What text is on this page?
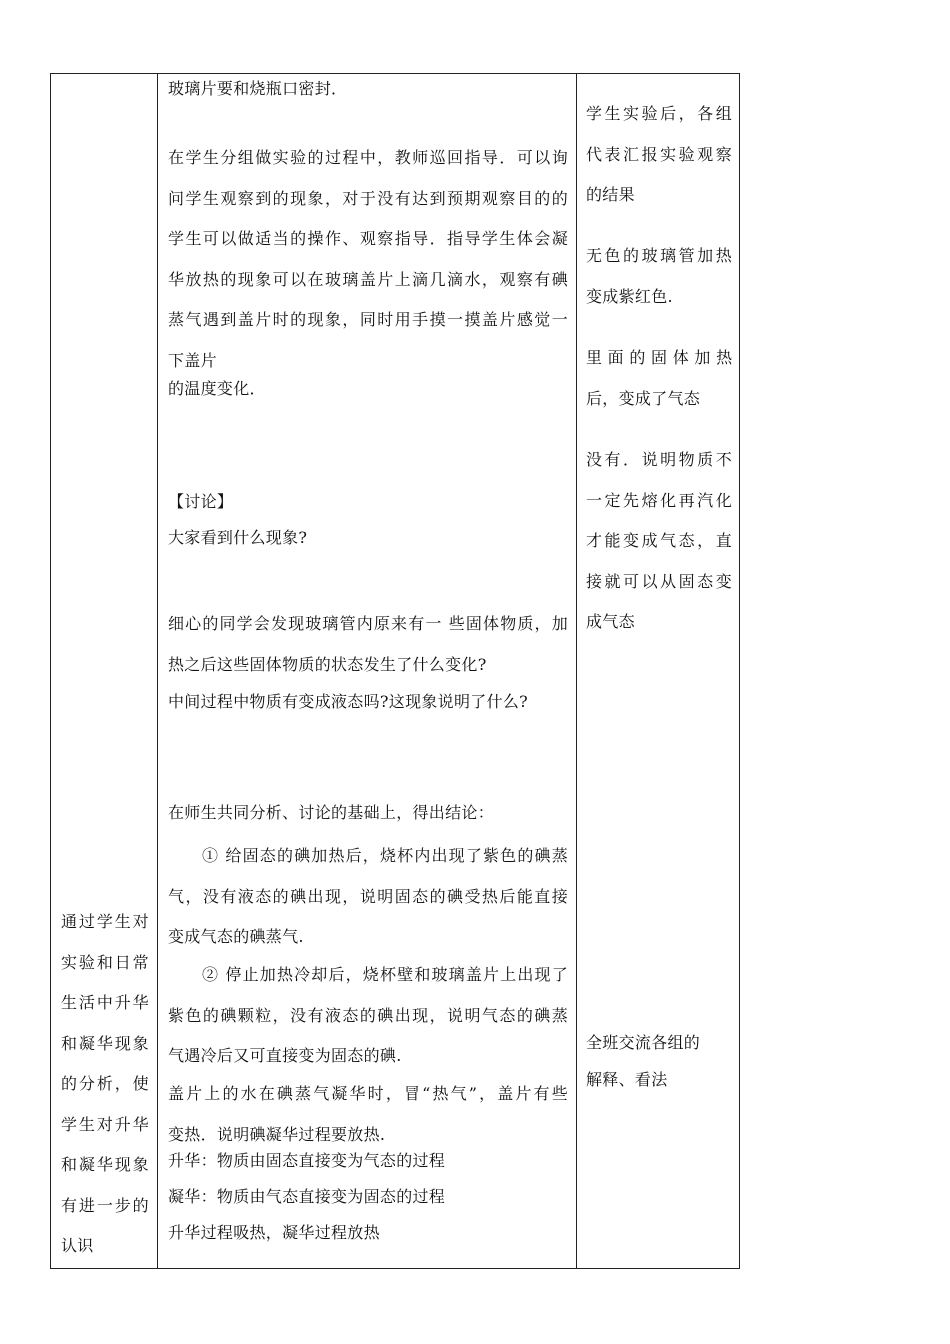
通过学生对
实验和日常
生活中升华
和凝华现象
的分析，使
学生对升华
和凝华现象
有进一步的
认识
玻璃片要和烧瓶口密封．
在学生分组做实验的过程中，教师巡回指导．可以询
问学生观察到的现象，对于没有达到预期观察目的的
学生可以做适当的操作、观察指导．指导学生体会凝
华放热的现象可以在玻璃盖片上滴几滴水，观察有碘
蒸气遇到盖片时的现象，同时用手摸一摸盖片感觉一
下盖片
的温度变化．
【讨论】
大家看到什么现象?
细心的同学会发现玻璃管内原来有一 些固体物质，加
热之后这些固体物质的状态发生了什么变化?
中间过程中物质有变成液态吗?这现象说明了什么?
在师生共同分析、讨论的基础上，得出结论：
① 给固态的碘加热后，烧杯内出现了紫色的碘蒸
气，没有液态的碘出现，说明固态的碘受热后能直接
变成气态的碘蒸气.
② 停止加热冷却后，烧杯壁和玻璃盖片上出现了
紫色的碘颗粒，没有液态的碘出现，说明气态的碘蒸
气遇冷后又可直接变为固态的碘.
盖片上的水在碘蒸气凝华时，冒“热气”，盖片有些
变热．说明碘凝华过程要放热.
升华：物质由固态直接变为气态的过程
凝华：物质由气态直接变为固态的过程
升华过程吸热，凝华过程放热
学生实验后，各组
代表汇报实验观察
的结果
无色的玻璃管加热
变成紫红色.
里 面 的 固 体 加 热
后，变成了气态
没有．说明物质不
一定先熔化再汽化
才能变成气态，直
接就可以从固态变
成气态
全班交流各组的
解释、看法
